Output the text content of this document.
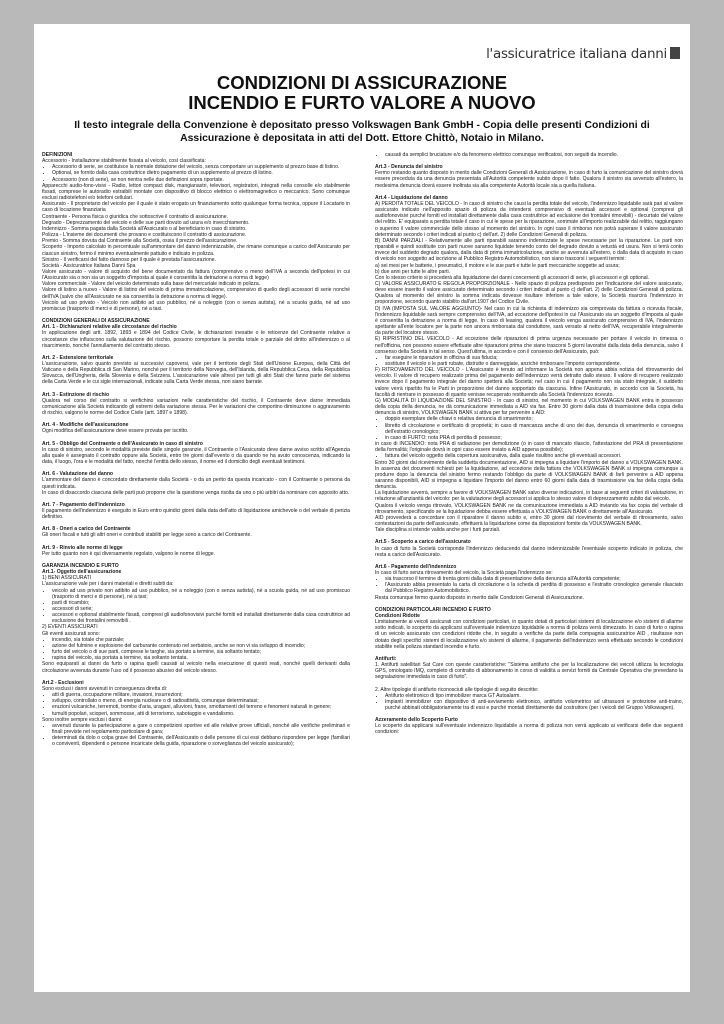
l'assicuratrice italiana danni
CONDIZIONI DI ASSICURAZIONE
INCENDIO E FURTO VALORE A NUOVO
Il testo integrale della Convenzione è depositato presso Volkswagen Bank GmbH - Copia delle presenti Condizioni di Assicurazione è depositata in atti del Dott. Ettore Chittò, Notaio in Milano.
DEFINIZIONI

Accessorio - Installazione stabilmente fissata al veicolo, così classificata:

• Accessorio di serie, se costituisce la normale dotazione del veicolo, senza comportare un supplemento al prezzo base di listino.
• Optional, se fornito dalla casa costruttrice dietro pagamento di un supplemento al prezzo di listino.
• Accessorio (non di serie), se non rientra nelle due definizioni sopra riportate.

Apparecchi audio-fono-visivi - Radio, lettori compact disk, mangianastri, televisori, registratori, integrati nella consolle e/o stabilmente fissati, comprese le autoradio estraibili montate con dispositivo di blocco elettrico o elettromagnetico o meccanico. Sono comunque esclusi radiotelefoni e/o telefoni cellulari.

Assicurato - Il proprietario del veicolo per il quale è stato erogato un finanziamento sotto qualunque forma tecnica, oppure il Locatario in caso di locazione finanziaria

Contraente - Persona fisica o giuridica che sottoscrive il contratto di assicurazione.

Degrado - Deprezzamento del veicolo e delle sue parti dovuto ad usura e/o invecchiamento.

Indennizzo - Somma pagata dalla Società all'Assicurato o al beneficiario in caso di sinistro.

Polizza - L'insieme dei documenti che provano e costituiscono il contratto di assicurazione.

Premio - Somma dovuta dal Contraente alla Società, ossia il prezzo dell'assicurazione.

Scoperto - Importo calcolato in percentuale sull'ammontare del danno indennizzabile, che rimane comunque a carico dell'Assicurato per ciascun sinistro, fermo il minimo eventualmente pattuito e indicato in polizza.

Sinistro - Il verificarsi del fatto dannoso per il quale è prestata l'assicurazione.

Società - Assicuratrice Italiana Danni Spa

Valore assicurato - valore di acquisto del bene documentato da fattura (comprensivo o meno dell'IVA a seconda dell'ipotesi in cui l'Assicurato sia o non sia un soggetto d'imposta al quale è consentita la detrazione a norma di legge)

Valore commerciale - Valore del veicolo determinato sulla base del mercuriale indicato in polizza.

Valore di listino a nuovo - Valore di listino del veicolo di prima immatricolazione, comprensivo di quello degli accessori di serie nonché dell'IVA (salvo che all'Assicurato ne sia consentita la detrazione a norma di legge).

Veicolo ad uso privato - Veicolo non adibito ad uso pubblico, né a noleggio (con o senza autista), né a scuola guida, né ad uso promiscuo (trasporto di merci e di persone), né a taxi.

CONDIZIONI GENERALI DI ASSICURAZIONE
Art. 1 - Dichiarazioni relative alle circostanze del rischio

In applicazione degli artt. 1892, 1893 e 1894 del Codice Civile, le dichiarazioni inesatte o le reticenze del Contraente relative a circostanze che influiscono sulla valutazione del rischio, possono comportare la perdita totale o parziale del diritto all'indennizzo o al risarcimento, nonché l'annullamento del contratto stesso.

Art. 2 - Estensione territoriale

L'assicurazione, salvo quanto previsto ai successivi capoversi, vale per il territorio degli Stati dell'Unione Europea, della Città del Vaticano e della Repubblica di San Marino, nonché per il territorio della Norvegia, dell'Islanda, della Repubblica Ceca, della Repubblica Slovacca, dell'Ungheria, della Slovenia e della Svizzera. L'assicurazione vale altresì per tutti gli altri Stati che fanno parte del sistema della Carta Verde e le cui sigle internazionali, indicate sulla Carta Verde stessa, non siano barrate.

Art. 3 - Estinzione di rischio

Qualora nel corso del contratto si verifichino variazioni nelle caratteristiche del rischio, il Contraente deve darne immediata comunicazione alla Società indicando gli estremi della variazione stessa. Per le variazioni che comportino diminuzione o aggravamento di rischio, valgono le norme del Codice Civile (artt. 1897 e 1898).

Art. 4 - Modifiche dell'assicurazione

Ogni modifica dell'assicurazione deve essere provata per iscritto.

Art. 5 - Obbligo del Contraente o dell'Assicurato in caso di sinistro

In caso di sinistro, secondo le modalità previste dalle singole garanzie, il Contraente o l'Assicurato deve darne avviso scritto all'Agenzia alla quale è assegnato il contratto oppure alla Società, entro tre giorni dall'evento o da quando ne ha avuto conoscenza, indicando la data, il luogo, l'ora e le modalità del fatto, nonché l'entità dello stesso, il nome ed il domicilio degli eventuali testimoni.

Art. 6 - Valutazione del danno

L'ammontare del danno è concordato direttamente dalla Società - o da un perito da questa incaricato - con il Contraente o persona da questi indicata.

In caso di disaccordo ciascuna delle parti può proporre che la questione venga risolta da uno o più arbitri da nominare con apposito atto.

Art. 7 - Pagamento dell'indennizzo

Il pagamento dell'indennizzo è eseguito in Euro entro quindici giorni dalla data dell'atto di liquidazione amichevole o del verbale di perizia definitivo.

Art. 8 - Oneri a carico del Contraente

Gli oneri fiscali e tutti gli altri oneri e contributi stabiliti per legge sono a carico del Contraente.

Art. 9 - Rinvio alle norme di legge

Per tutto quanto non è qui diversamente regolato, valgono le norme di legge.

GARANZIA INCENDIO E FURTO
Art.1- Oggetto dell'assicurazione

1) BENI ASSICURATI

L'assicurazione vale per i danni materiali e diretti subiti da:

• veicolo ad uso privato non adibito ad uso pubblico, né a noleggio (con o senza autista), né a scuola guida, né ad uso promiscuo (trasporto di merci e di persone), né a taxi;
• parti di ricambio;
• accessori di serie;
• accessori e optional stabilmente fissati, compresi gli audiofonovisivi purché forniti ed installati direttamente dalla casa costruttrice ad esclusione dei frontalini removibili .

2) EVENTI ASSICURATI

Gli eventi assicurati sono:

• incendio, sia totale che parziale;
• azione del fulmine e esplosione del carburante contenuto nel serbatoio, anche se non vi sia sviluppo di incendio;
• furto del veicolo o di sue parti, comprese le targhe, sia portato a termine, sia soltanto tentato;
• rapina del veicolo, sia portata a termine, sia soltanto tentata.

Sono equiparati ai danni da furto o rapina quelli causati al veicolo nella esecuzione di questi reati, nonché quelli derivanti dalla circolazione avvenuta durante l'uso od il possesso abusivo del veicolo stesso.

Art.2 - Esclusioni

Sono esclusi i danni avvenuti in conseguenza diretta di:

• atti di guerra, occupazione militare, invasioni, insurrezioni;
• sviluppo, controllato o meno, di energia nucleare o di radioattività, comunque determinatasi;
• eruzioni vulcaniche, terremoti, trombe d'aria, uragani, alluvioni, frane, smottamenti del terreno e fenomeni naturali in genere;
• tumulti popolari, scioperi, sommosse, atti di terrorismo, sabotaggio e vandalismo.

Sono inoltre sempre esclusi i danni:

• avvenuti durante la partecipazione a gare o competizioni sportive ed alle relative prove ufficiali, nonché alle verifiche preliminari e finali previste nel regolamento particolare di gara;
• determinati da dolo o colpa grave del Contraente, dell'Assicurato o delle persone di cui essi debbano rispondere per legge (familiari o conviventi, dipendenti o persone incaricate della guida, riparazione o sorveglianza del veicolo assicurato);
• causati da semplici bruciature e/o da fenomeno elettrico comunque verificatosi, non seguiti da incendio.
Art.3 - Denuncia del sinistro

Fermo restando quanto disposto in merito dalle Condizioni Generali di Assicurazione, in caso di furto la comunicazione del sinistro dovrà essere preceduta da una denuncia presentata all'Autorità competente subito dopo il fatto. Qualora il sinistro sia avvenuto all'estero, la medesima denuncia dovrà essere inoltrata sia alla competente Autorità locale sia a quella italiana.

Art.4 - Liquidazione del danno

A) PERDITA TOTALE DEL VEICOLO - In caso di sinistro che causi la perdita totale del veicolo, l'indennizzo liquidabile sarà pari al valore assicurato indicato nell'apposito spazio di polizza da intendersi comprensivo di eventuali accessori e optional (compresi gli audiofonovisivi purché forniti ed installati direttamente dalla casa costruttrice ad esclusione dei frontalini rimovibili) - decurtato del valore del relitto. E' equiparato a perdita totale il caso in cui le spese per la riparazione, sommate all'importo realizzabile dal relitto, raggiungano o superino il valore commerciale dello stesso al momento del sinistro. In ogni caso il rimborso non potrà superare il valore assicurato determinato secondo i criteri indicati al punto c) dell'art. 2) delle Condizioni Generali di polizza.

B) DANNI PARZIALI - Relativamente alle parti riparabili saranno indennizzate le spese necessarie per la riparazione. Le parti non riparabili e quindi sostituite con parti nuove saranno liquidate tenendo conto del degrado dovuto a vetustà ed usura. Non si terrà conto invece del suddetto degrado qualora, dalla data di prima immatricolazione, anche se avvenuta all'estero, o dalla data di acquisto in caso di veicolo non soggetto ad iscrizione al Pubblico Registro Automobilistico, non siano trascorsi i seguenti termini:

a) sei mesi per le batterie, i pneumatici, il motore e le sue parti e tutte le parti meccaniche soggette ad usura;

b) due anni per tutte le altre parti.

Con lo stesso criterio si procederà alla liquidazione dei danni concernenti gli accessori di serie, gli accessori e gli optional.

C) VALORE ASSICURATO E REGOLA PROPORZIONALE - Nello spazio di polizza predisposto per l'indicazione del valore assicurato, deve essere inserito il valore assicurato determinato secondo i criteri indicati al punto c) dell'art. 2) delle Condizioni Generali di polizza. Qualora al momento del sinistro la somma indicata dovesse risultare inferiore a tale valore, la Società risarcirà l'indennizzo in proporzione, secondo quanto stabilito dall'art.1907 del Codice Civile.

D) IVA (IMPOSTA SUL VALORE AGGIUNTO)- Nel caso in cui la richiesta di indennizzo sia comprovata da fattura o ricevuta fiscale, l'indennizzo liquidabile sarà sempre comprensivo dell'IVA, ad eccezione dell'ipotesi in cui l'Assicurato sia un soggetto d'imposta al quale è consentita la detrazione a norma di legge. In caso di leasing, qualora il veicolo venga assicurato comprensivo di IVA, l'indennizzo spettante all'ente locatore per la parte non ancora rimborsata dal conduttore, sarà versato al netto dell'IVA, recuperabile integralmente da parte del locatore stesso.

E) RIPRISTINO DEL VEICOLO - Ad eccezione delle riparazioni di prima urgenza necessarie per portare il veicolo in rimessa o nell'officina, non possono essere effettuate altre riparazioni prima che siano trascorsi 5 giorni lavorativi dalla data della denuncia, salvo il consenso della Società in tal senso. Quest'ultima, in accordo e con il consenso dell'Assicurato, può:

• far eseguire le riparazioni in officina di sua fiducia;
• sostituire il veicolo o le parti rubate, distrutte o danneggiate, anziché rimborsare l'importo corrispondente.

F) RITROVAMENTO DEL VEICOLO - L'Assicurato è tenuto ad informare la Società non appena abbia notizia del ritrovamento del veicolo. Il valore di recupero realizzato prima del pagamento dell'indennizzo verrà detratto dallo stesso. Il valore di recupero realizzato invece dopo il pagamento integrale del danno spetterà alla Società; nel caso in cui il pagamento non sia stato integrale, il suddetto valore verrà ripartito fra le Parti in proporzione del danno sopportato da ciascuna. Infine l'Assicurato, in accordo con la Società, ha facoltà di rientrare in possesso di quanto venisse recuperato restituendo alla Società l'indennizzo ricevuto.

G) MODALITÀ DI LIQUIDAZIONE DEL SINISTRO - In caso di sinistro, nel momento in cui VOLKSWAGEN BANK entra in possesso della copia della denuncia, ne dà comunicazione immediata a AID via fax. Entro 30 giorni dalla data di trasmissione della copia della denuncia di sinistro, VOLKSWAGEN BANK si attiva per far pervenire a AID:

• doppio esemplare delle chiavi o relativa denuncia di smarrimento;
• libretto di circolazione e certificato di proprietà; in caso di mancanza anche di uno dei due, denuncia di smarrimento e consegna dell'estratto cronologico;
• in caso di FURTO: nota PRA di perdita di possesso;

in caso di INCENDIO: nota PRA di radiazione per demolizione (o in caso di mancato rilascio, l'attestazione del PRA di presentazione della formalità; l'originale dovrà in ogni caso essere inviato a AID appena possibile);

• fattura del veicolo oggetto della copertura assicurativa, dalla quale risultino anche gli eventuali accessori.

Entro 30 giorni dal ricevimento della suddetta documentazione, AID si impegna a liquidare l'importo del danno a VOLKSWAGEN BANK. In assenza dei documenti richiesti per la liquidazione, ad eccezione della fattura che VOLKSWAGEN BANK si impegna comunque a produrre dopo la denuncia del sinistro fermo restando l'obbligo da parte di VOLKSWAGEN BANK di farli pervenire a AID appena saranno disponibili, AID si impegna a liquidare l'importo del danno entro 60 giorni dalla data di trasmissione via fax della copia della denuncia.

La liquidazione avverrà, sempre a favore di VOLKSWAGEN BANK salvo diverse indicazioni, in base ai seguenti criteri di valutazione, in relazione all'anzianità del veicolo: per la valutazione degli accessori si applica lo stesso valore di deprezzamento subito dal veicolo.

Qualora il veicolo venga ritrovato, VOLKSWAGEN BANK ne da comunicazione immediata a AID inviando via fax copia del verbale di ritrovamento, specificando se la liquidazione debba essere effettuata a VOLKSWAGEN BANK o direttamente all'Assicurato.

AID provvederà a concordare con il riparatore il danno subito e, entro 30 giorni dal ricevimento del verbale di ritrovamento, salvo contestazioni da parte dell'assicurato, effettuerà la liquidazione come da disposizioni fornite da VOLKSWAGEN BANK.

Tale disciplina si intende valida anche per i furti parziali.

Art.5 - Scoperto a carico dell'assicurato

In caso di furto la Società corrisponde l'indennizzo deducendo dal danno indennizzabile l'eventuale scoperto indicato in polizza, che resta a carico dell'Assicurato.

Art.6 - Pagamento dell'indennizzo

In caso di furto senza ritrovamento del veicolo, la Società paga l'indennizzo se:

• sia trascorso il termine di trenta giorni dalla data di presentazione della denuncia all'Autorità competente;
• l'Assicurato abbia presentato la carta di circolazione o la scheda di perdita di possesso e l'estratto cronologico generale rilasciato dal Pubblico Registro Automobilistico.

Resta comunque fermo quanto disposto in merito dalle Condizioni Generali di Assicurazione.

CONDIZIONI PARTICOLARI INCENDIO E FURTO
Condizioni Ridotte

Limitatamente ai veicoli assicurati con condizioni particolari, in quanto dotati di particolari sistemi di localizzazione e/o sistemi di allarme sotto indicati, lo scoperto da applicarsi sull'eventuale indennizzo liquidabile a norma di polizza verrà dimezzato. In caso di furto o rapina di un veicolo assicurato con condizioni ridotte che, in seguito a verifiche da parte della compagnia assicuratrice AID , risultasse non dotato degli specifici sistemi di localizzazione e/o sistemi di allarme, il pagamento dell'indennizzo verrà effettuato secondo le condizioni stabilite nella polizza standard incendio e furto.

Antifurti:

1. Antifurti satellitari Sat Care con queste caratteristiche: "Sistema antifurto che per la localizzazione dei veicoli utilizza la tecnologia GPS, omologato IMQ, completo di contratto di abbonamento in corso di validità a servizi forniti da Centrale Operativa che prevedano la segnalazione immediata in caso di furto".

2. Altre tipologie di antifurto riconosciuti alle tipologie di seguito descritte:

• Antifurto elettronico di tipo immobilizer marca GT Autoalarm.
• Impianti immobilizer con dispositivo di anti-avviamento elettronico, antifurto volumetrico ad ultrasuoni e protezione anti-traino, purché abbinati obbligatoriamente tra di essi e purché montati direttamente dal costruttore (per i veicoli del Gruppo Volkswagen).
Azzeramento dello Scoperto Furto

Lo scoperto da applicarsi sull'eventuale indennizzo liquidabile a norma di polizza non verrà applicato ai verificarsi delle due seguenti condizioni:
